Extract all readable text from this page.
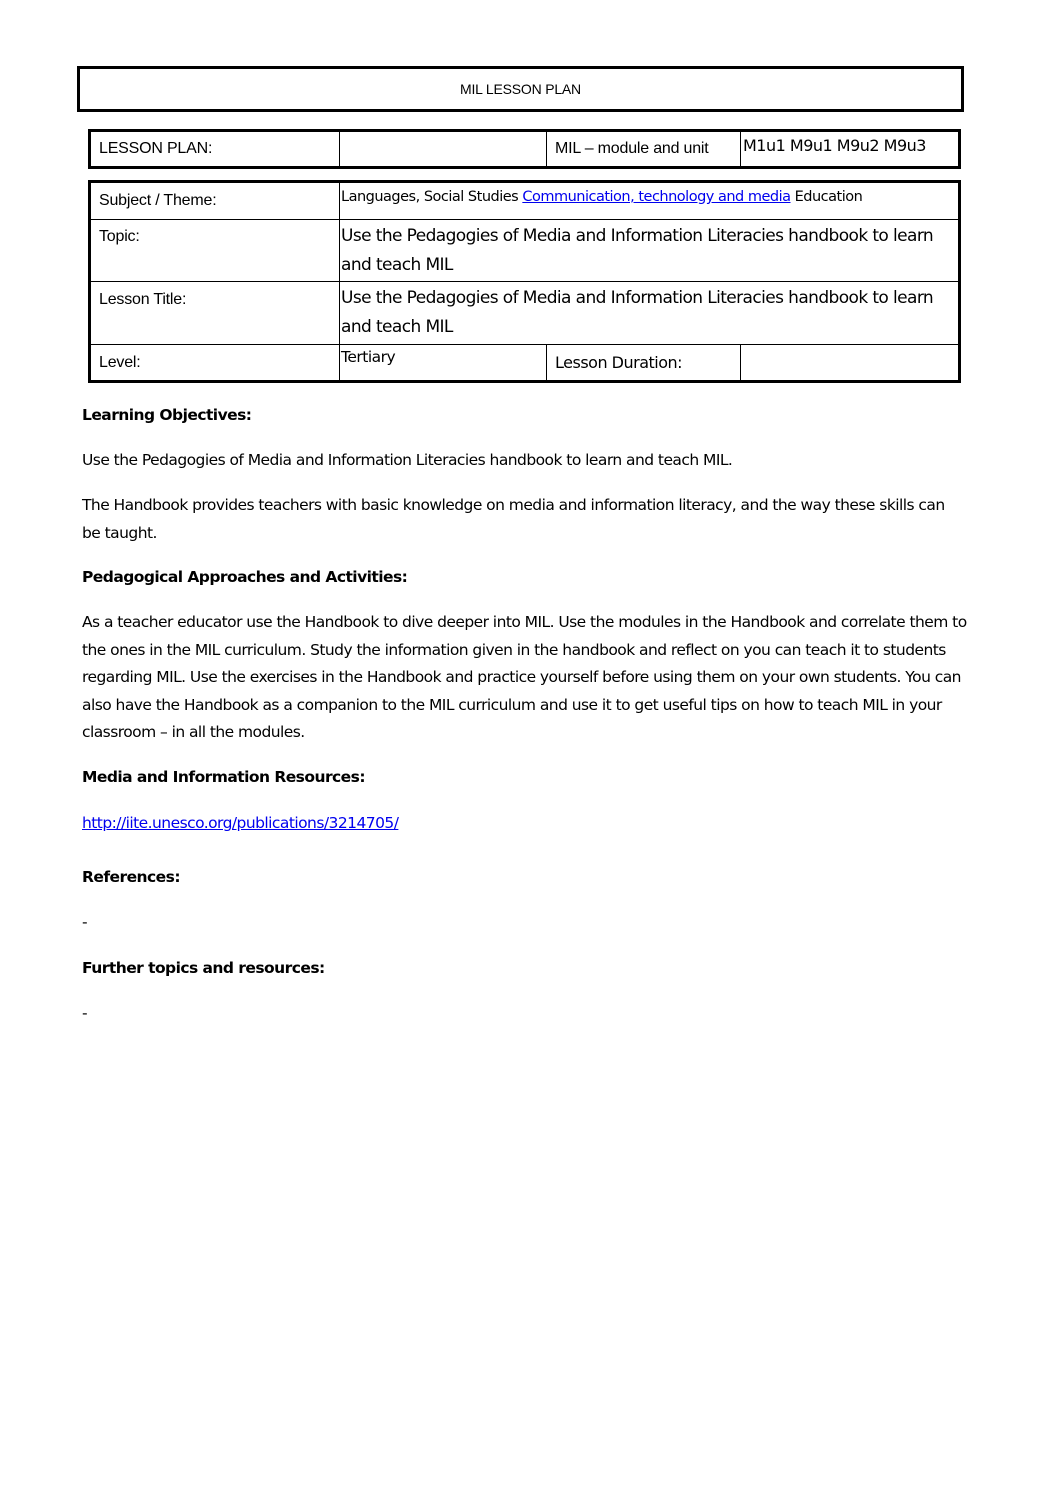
MIL LESSON PLAN
LESSON PLAN:		MIL – module and unit	M1u1 M9u1 M9u2 M9u3
Subject / Theme:	Languages, Social Studies Communication, technology and media Education		
Topic:	Use the Pedagogies of Media and Information Literacies handbook to learn and teach MIL		
Lesson Title:	Use the Pedagogies of Media and Information Literacies handbook to learn and teach MIL		
Level:	Tertiary	Lesson Duration:	
Learning Objectives:
Use the Pedagogies of Media and Information Literacies handbook to learn and teach MIL.
The Handbook provides teachers with basic knowledge on media and information literacy, and the way these skills can be taught.
Pedagogical Approaches and Activities:
As a teacher educator use the Handbook to dive deeper into MIL. Use the modules in the Handbook and correlate them to the ones in the MIL curriculum. Study the information given in the handbook and reflect on you can teach it to students regarding MIL. Use the exercises in the Handbook and practice yourself before using them on your own students. You can also have the Handbook as a companion to the MIL curriculum and use it to get useful tips on how to teach MIL in your classroom – in all the modules.
Media and Information Resources:
http://iite.unesco.org/publications/3214705/
References:
-
Further topics and resources:
-
